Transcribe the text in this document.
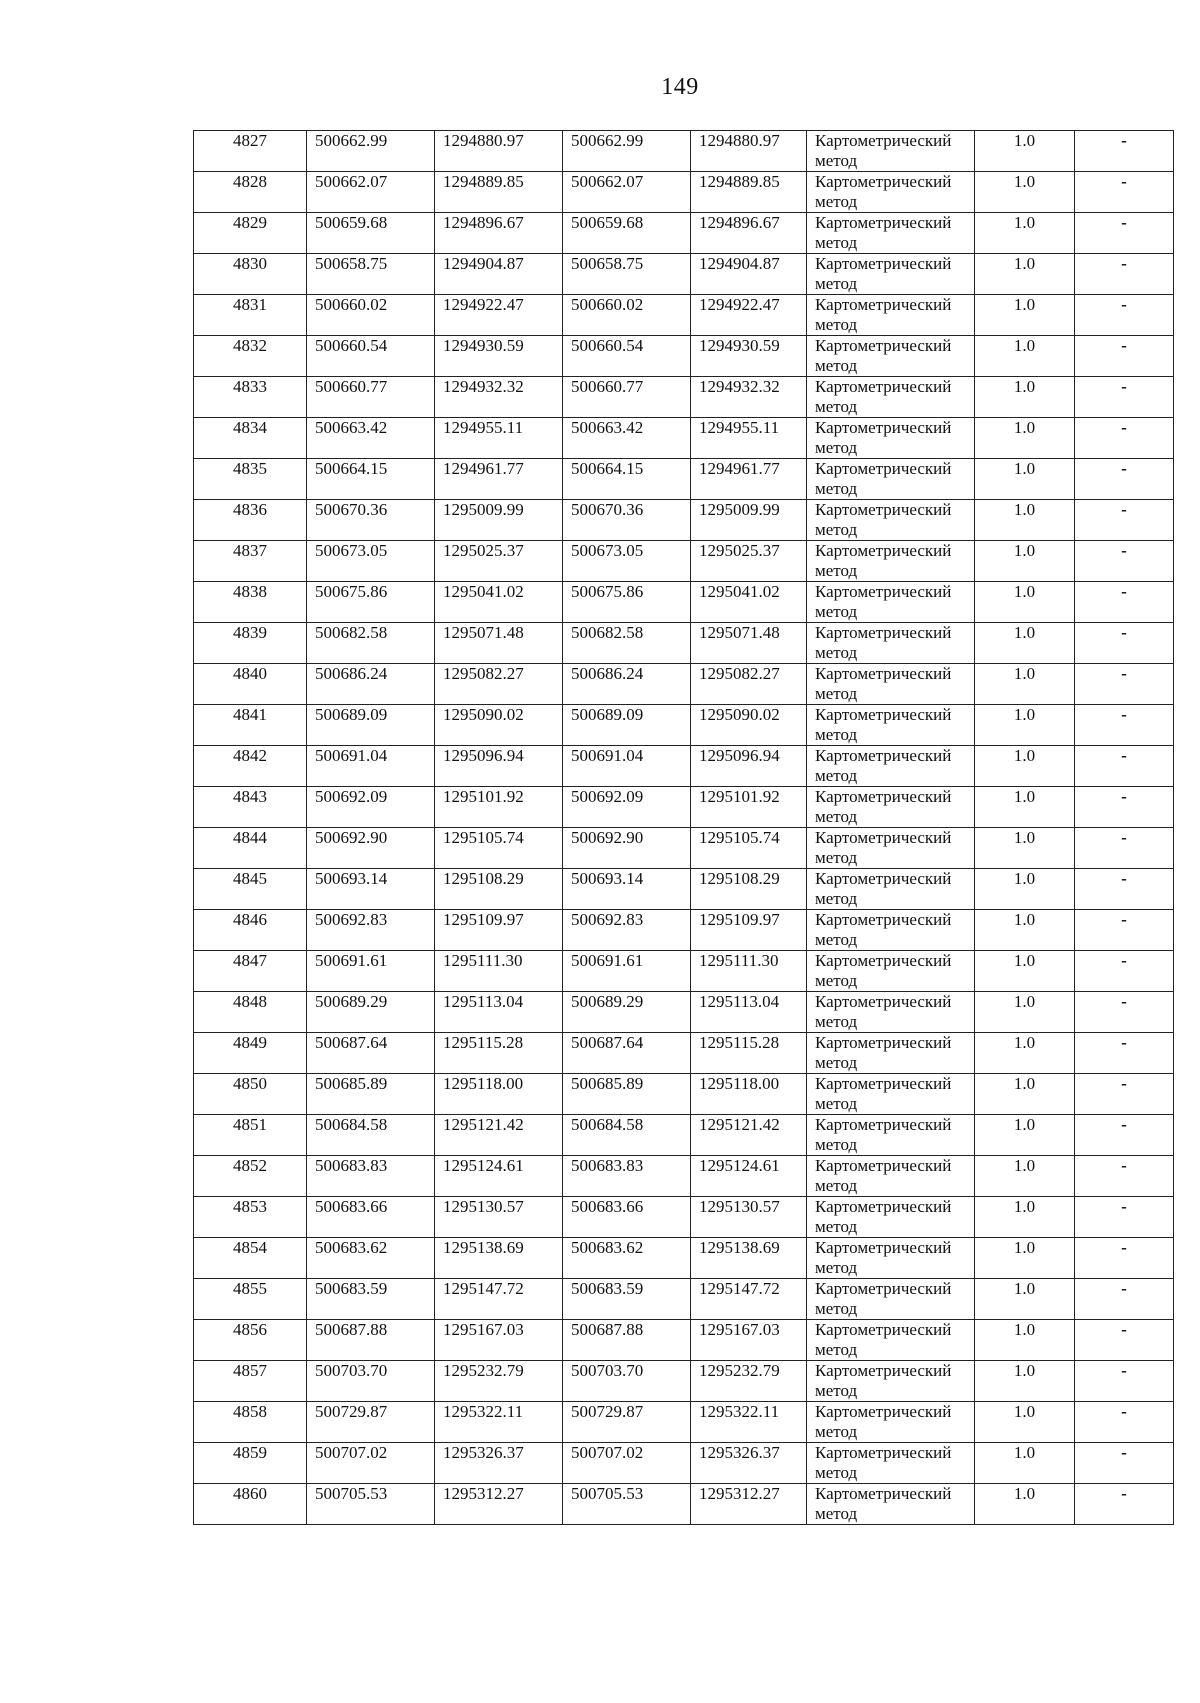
149
4827	500662.99	1294880.97	500662.99	1294880.97	Картометрический метод	1.0	-
4828	500662.07	1294889.85	500662.07	1294889.85	Картометрический метод	1.0	-
4829	500659.68	1294896.67	500659.68	1294896.67	Картометрический метод	1.0	-
4830	500658.75	1294904.87	500658.75	1294904.87	Картометрический метод	1.0	-
4831	500660.02	1294922.47	500660.02	1294922.47	Картометрический метод	1.0	-
4832	500660.54	1294930.59	500660.54	1294930.59	Картометрический метод	1.0	-
4833	500660.77	1294932.32	500660.77	1294932.32	Картометрический метод	1.0	-
4834	500663.42	1294955.11	500663.42	1294955.11	Картометрический метод	1.0	-
4835	500664.15	1294961.77	500664.15	1294961.77	Картометрический метод	1.0	-
4836	500670.36	1295009.99	500670.36	1295009.99	Картометрический метод	1.0	-
4837	500673.05	1295025.37	500673.05	1295025.37	Картометрический метод	1.0	-
4838	500675.86	1295041.02	500675.86	1295041.02	Картометрический метод	1.0	-
4839	500682.58	1295071.48	500682.58	1295071.48	Картометрический метод	1.0	-
4840	500686.24	1295082.27	500686.24	1295082.27	Картометрический метод	1.0	-
4841	500689.09	1295090.02	500689.09	1295090.02	Картометрический метод	1.0	-
4842	500691.04	1295096.94	500691.04	1295096.94	Картометрический метод	1.0	-
4843	500692.09	1295101.92	500692.09	1295101.92	Картометрический метод	1.0	-
4844	500692.90	1295105.74	500692.90	1295105.74	Картометрический метод	1.0	-
4845	500693.14	1295108.29	500693.14	1295108.29	Картометрический метод	1.0	-
4846	500692.83	1295109.97	500692.83	1295109.97	Картометрический метод	1.0	-
4847	500691.61	1295111.30	500691.61	1295111.30	Картометрический метод	1.0	-
4848	500689.29	1295113.04	500689.29	1295113.04	Картометрический метод	1.0	-
4849	500687.64	1295115.28	500687.64	1295115.28	Картометрический метод	1.0	-
4850	500685.89	1295118.00	500685.89	1295118.00	Картометрический метод	1.0	-
4851	500684.58	1295121.42	500684.58	1295121.42	Картометрический метод	1.0	-
4852	500683.83	1295124.61	500683.83	1295124.61	Картометрический метод	1.0	-
4853	500683.66	1295130.57	500683.66	1295130.57	Картометрический метод	1.0	-
4854	500683.62	1295138.69	500683.62	1295138.69	Картометрический метод	1.0	-
4855	500683.59	1295147.72	500683.59	1295147.72	Картометрический метод	1.0	-
4856	500687.88	1295167.03	500687.88	1295167.03	Картометрический метод	1.0	-
4857	500703.70	1295232.79	500703.70	1295232.79	Картометрический метод	1.0	-
4858	500729.87	1295322.11	500729.87	1295322.11	Картометрический метод	1.0	-
4859	500707.02	1295326.37	500707.02	1295326.37	Картометрический метод	1.0	-
4860	500705.53	1295312.27	500705.53	1295312.27	Картометрический метод	1.0	-
